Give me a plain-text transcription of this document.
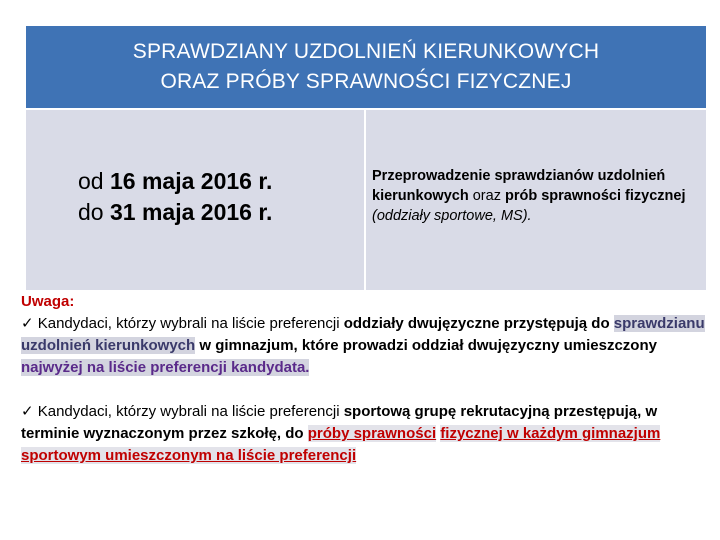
SPRAWDZIANY UZDOLNIEŃ KIERUNKOWYCH
ORAZ PRÓBY SPRAWNOŚCI FIZYCZNEJ
od 16 maja 2016 r.
do 31 maja 2016 r.
Przeprowadzenie sprawdzianów uzdolnień kierunkowych oraz prób sprawności fizycznej (oddziały sportowe, MS).

Uwaga:

✓ Kandydaci, którzy wybrali na liście preferencji oddziały dwujęzyczne przystępują do sprawdzianu uzdolnień kierunkowych w gimnazjum, które prowadzi oddział dwujęzyczny umieszczony najwyżej na liście preferencji kandydata.

✓ Kandydaci, którzy wybrali na liście preferencji sportową grupę rekrutacyjną przestępują, w terminie wyznaczonym przez szkołę, do próby sprawności fizycznej w każdym gimnazjum sportowym umieszczonym na liście preferencji
